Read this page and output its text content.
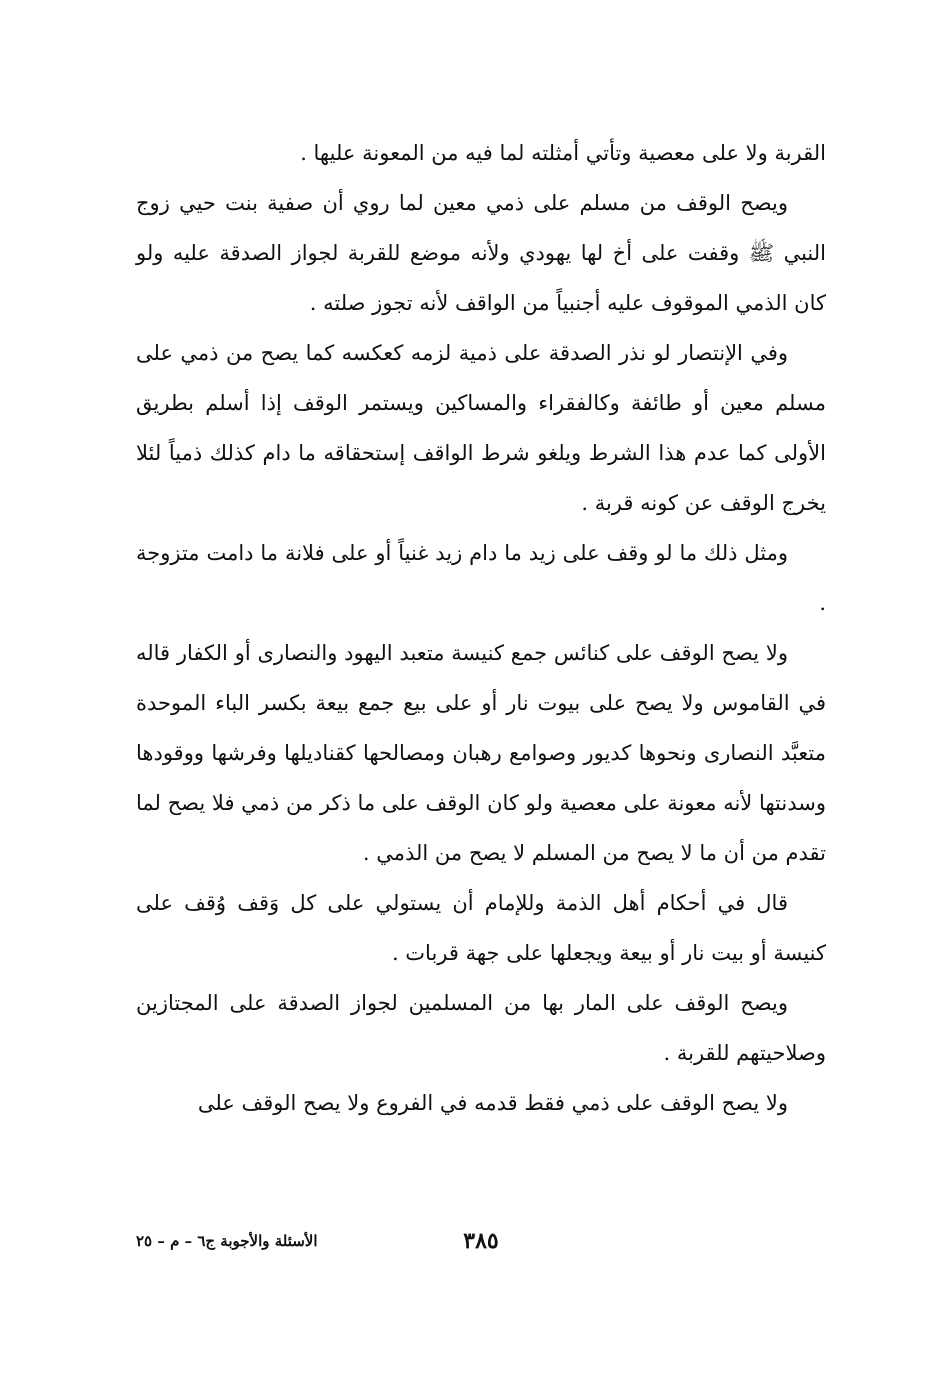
القربة ولا على معصية وتأتي أمثلته لما فيه من المعونة عليها .

ويصح الوقف من مسلم على ذمي معين لما روي أن صفية بنت حيي زوج النبي ﷺ وقفت على أخ لها يهودي ولأنه موضع للقربة لجواز الصدقة عليه ولو كان الذمي الموقوف عليه أجنبياً من الواقف لأنه تجوز صلته .

وفي الإنتصار لو نذر الصدقة على ذمية لزمه كعكسه كما يصح من ذمي على مسلم معين أو طائفة وكالفقراء والمساكين ويستمر الوقف إذا أسلم بطريق الأولى كما عدم هذا الشرط ويلغو شرط الواقف إستحقاقه ما دام كذلك ذمياً لئلا يخرج الوقف عن كونه قربة .

ومثل ذلك ما لو وقف على زيد ما دام زيد غنياً أو على فلانة ما دامت متزوجة .

ولا يصح الوقف على كنائس جمع كنيسة متعبد اليهود والنصارى أو الكفار قاله في القاموس ولا يصح على بيوت نار أو على بيع جمع بيعة بكسر الباء الموحدة متعبَّد النصارى ونحوها كديور وصوامع رهبان ومصالحها كقناديلها وفرشها ووقودها وسدنتها لأنه معونة على معصية ولو كان الوقف على ما ذكر من ذمي فلا يصح لما تقدم من أن ما لا يصح من المسلم لا يصح من الذمي .

قال في أحكام أهل الذمة وللإمام أن يستولي على كل وَقف وُقف على كنيسة أو بيت نار أو بيعة ويجعلها على جهة قربات .

ويصح الوقف على المار بها من المسلمين لجواز الصدقة على المجتازين وصلاحيتهم للقربة .

ولا يصح الوقف على ذمي فقط قدمه في الفروع ولا يصح الوقف على

٣٨٥
الأسئلة والأجوبة ج٦ – م – ٢٥
